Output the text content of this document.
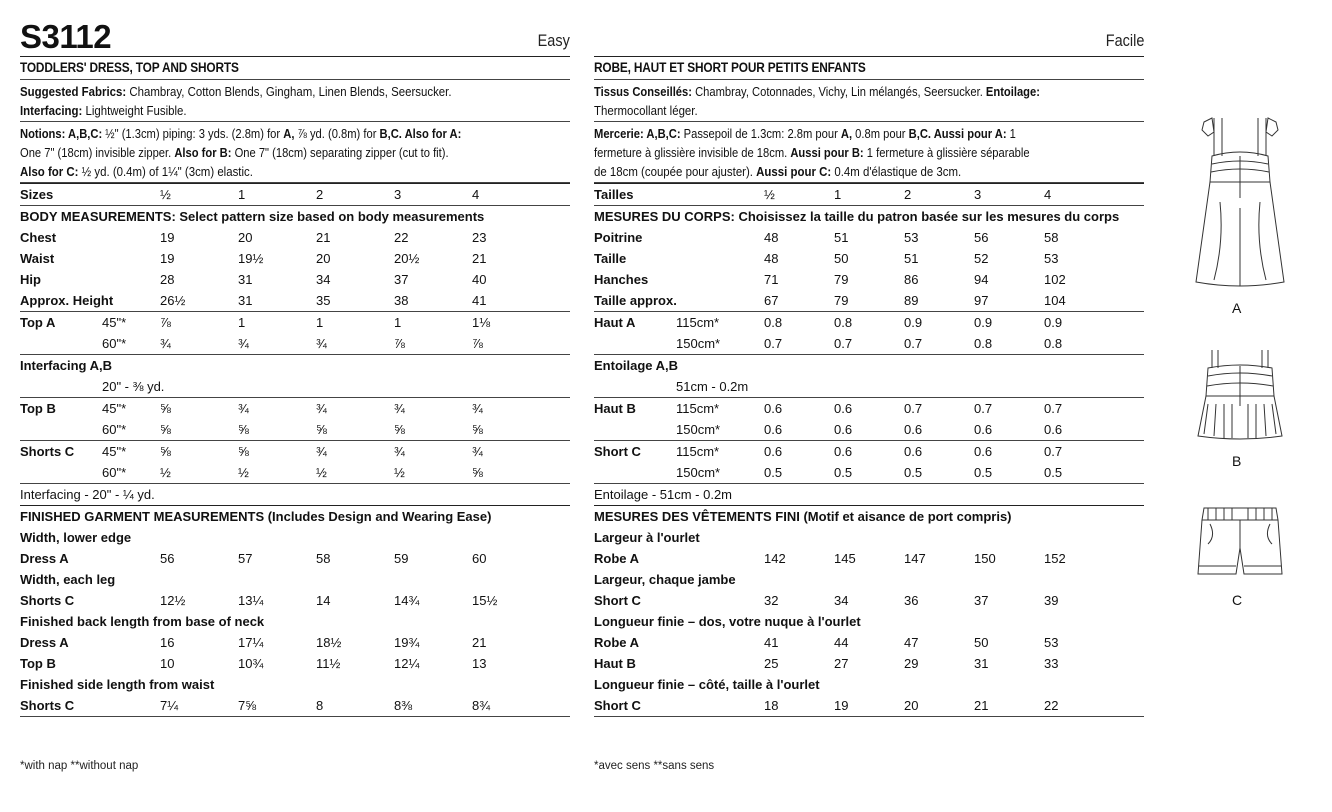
S3112	Easy
TODDLERS' DRESS, TOP AND SHORTS
Suggested Fabrics: Chambray, Cotton Blends, Gingham, Linen Blends, Seersucker.
Interfacing: Lightweight Fusible.
Notions: A,B,C: ½" (1.3cm) piping: 3 yds. (2.8m) for A, ⅞ yd. (0.8m) for B,C. Also for A:
One 7" (18cm) invisible zipper. Also for B: One 7" (18cm) separating zipper (cut to fit).
Also for C: ½ yd. (0.4m) of 1¼" (3cm) elastic.
Sizes		½	1	2	3	4		
BODY MEASUREMENTS: Select pattern size based on body measurements								
Chest		19	20	21	22	23		
Waist		19	19½	20	20½	21		
Hip		28	31	34	37	40		
Approx. Height		26½	31	35	38	41		
Top A	45"*	⅞	1	1	1	1⅛		
	60"*	¾	¾	¾	⅞	⅞		
Interfacing A,B								
	20" - ⅜ yd.							
Top B	45"*	⅝	¾	¾	¾	¾		
	60"*	⅝	⅝	⅝	⅝	⅝		
Shorts C	45"*	⅝	⅝	¾	¾	¾		
	60"*	½	½	½	½	⅝		
Interfacing - 20" - ¼ yd.								
FINISHED GARMENT MEASUREMENTS (Includes Design and Wearing Ease)								
Width, lower edge								
Dress A		56	57	58	59	60		
Width, each leg								
Shorts C		12½	13¼	14	14¾	15½		
Finished back length from base of neck								
Dress A		16	17¼	18½	19¾	21		
Top B		10	10¾	11½	12¼	13		
Finished side length from waist								
Shorts C		7¼	7⅝	8	8⅜	8¾		

*with nap **without nap
Facile
ROBE, HAUT ET SHORT POUR PETITS ENFANTS
Tissus Conseillés: Chambray, Cotonnades, Vichy, Lin mélangés, Seersucker. Entoilage:
Thermocollant léger.
Mercerie: A,B,C: Passepoil de 1.3cm: 2.8m pour A, 0.8m pour B,C. Aussi pour A: 1
fermeture à glissière invisible de 18cm. Aussi pour B: 1 fermeture à glissière séparable
de 18cm (coupée pour ajuster). Aussi pour C: 0.4m d'élastique de 3cm.
Tailles		½	1	2	3	4		
MESURES DU CORPS: Choisissez la taille du patron basée sur les mesures du corps								
Poitrine		48	51	53	56	58		
Taille		48	50	51	52	53		
Hanches		71	79	86	94	102		
Taille approx.		67	79	89	97	104		
Haut A	115cm*	0.8	0.8	0.9	0.9	0.9		
	150cm*	0.7	0.7	0.7	0.8	0.8		
Entoilage A,B								
	51cm - 0.2m							
Haut B	115cm*	0.6	0.6	0.7	0.7	0.7		
	150cm*	0.6	0.6	0.6	0.6	0.6		
Short C	115cm*	0.6	0.6	0.6	0.6	0.7		
	150cm*	0.5	0.5	0.5	0.5	0.5		
Entoilage - 51cm - 0.2m								
MESURES DES VÊTEMENTS FINI (Motif et aisance de port compris)								
Largeur à l'ourlet								
Robe A		142	145	147	150	152		
Largeur, chaque jambe								
Short C		32	34	36	37	39		
Longueur finie – dos, votre nuque à l'ourlet								
Robe A		41	44	47	50	53		
Haut B		25	27	29	31	33		
Longueur finie – côté, taille à l'ourlet								
Short C		18	19	20	21	22		

*avec sens **sans sens
A
B
C
